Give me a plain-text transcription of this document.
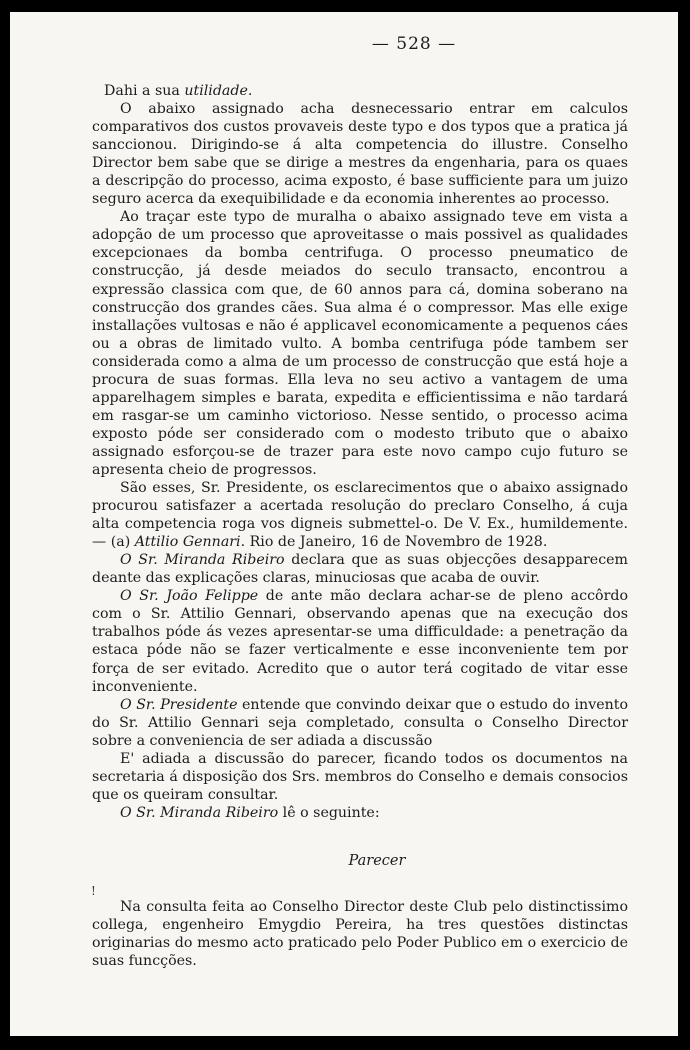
— 528 —

Dahi a sua utilidade.

O abaixo assignado acha desnecessario entrar em calculos comparativos dos custos provaveis deste typo e dos typos que a pratica já sanccionou. Dirigindo-se á alta competencia do illustre. Conselho Director bem sabe que se dirige a mestres da engenharia, para os quaes a descripção do processo, acima exposto, é base sufficiente para um juizo seguro acerca da exequibilidade e da economia inherentes ao processo.

Ao traçar este typo de muralha o abaixo assignado teve em vista a adopção de um processo que aproveitasse o mais possivel as qualidades excepcionaes da bomba centrifuga. O processo pneumatico de construcção, já desde meiados do seculo transacto, encontrou a expressão classica com que, de 60 annos para cá, domina soberano na construcção dos grandes cães. Sua alma é o compressor. Mas elle exige installações vultosas e não é applicavel economicamente a pequenos cáes ou a obras de limitado vulto. A bomba centrifuga póde tambem ser considerada como a alma de um processo de construcção que está hoje a procura de suas formas. Ella leva no seu activo a vantagem de uma apparelhagem simples e barata, expedita e efficientissima e não tardará em rasgar-se um caminho victorioso. Nesse sentido, o processo acima exposto póde ser considerado com o modesto tributo que o abaixo assignado esforçou-se de trazer para este novo campo cujo futuro se apresenta cheio de progressos.

São esses, Sr. Presidente, os esclarecimentos que o abaixo assignado procurou satisfazer a acertada resolução do preclaro Conselho, á cuja alta competencia roga vos digneis submettel-o. De V. Ex., humildemente. — (a) Attilio Gennari. Rio de Janeiro, 16 de Novembro de 1928.

O Sr. Miranda Ribeiro declara que as suas objecções desapparecem deante das explicações claras, minuciosas que acaba de ouvir.

O Sr. João Felippe de ante mão declara achar-se de pleno accôrdo com o Sr. Attilio Gennari, observando apenas que na execução dos trabalhos póde ás vezes apresentar-se uma difficuldade: a penetração da estaca póde não se fazer verticalmente e esse inconveniente tem por força de ser evitado. Acredito que o autor terá cogitado de vitar esse inconveniente.

O Sr. Presidente entende que convindo deixar que o estudo do invento do Sr. Attilio Gennari seja completado, consulta o Conselho Director sobre a conveniencia de ser adiada a discussão

E' adiada a discussão do parecer, ficando todos os documentos na secretaria á disposição dos Srs. membros do Conselho e demais consocios que os queiram consultar.

O Sr. Miranda Ribeiro lê o seguinte:

Parecer

Na consulta feita ao Conselho Director deste Club pelo distinctissimo collega, engenheiro Emygdio Pereira, ha tres questões distinctas originarias do mesmo acto praticado pelo Poder Publico em o exercicio de suas funcções.

!
